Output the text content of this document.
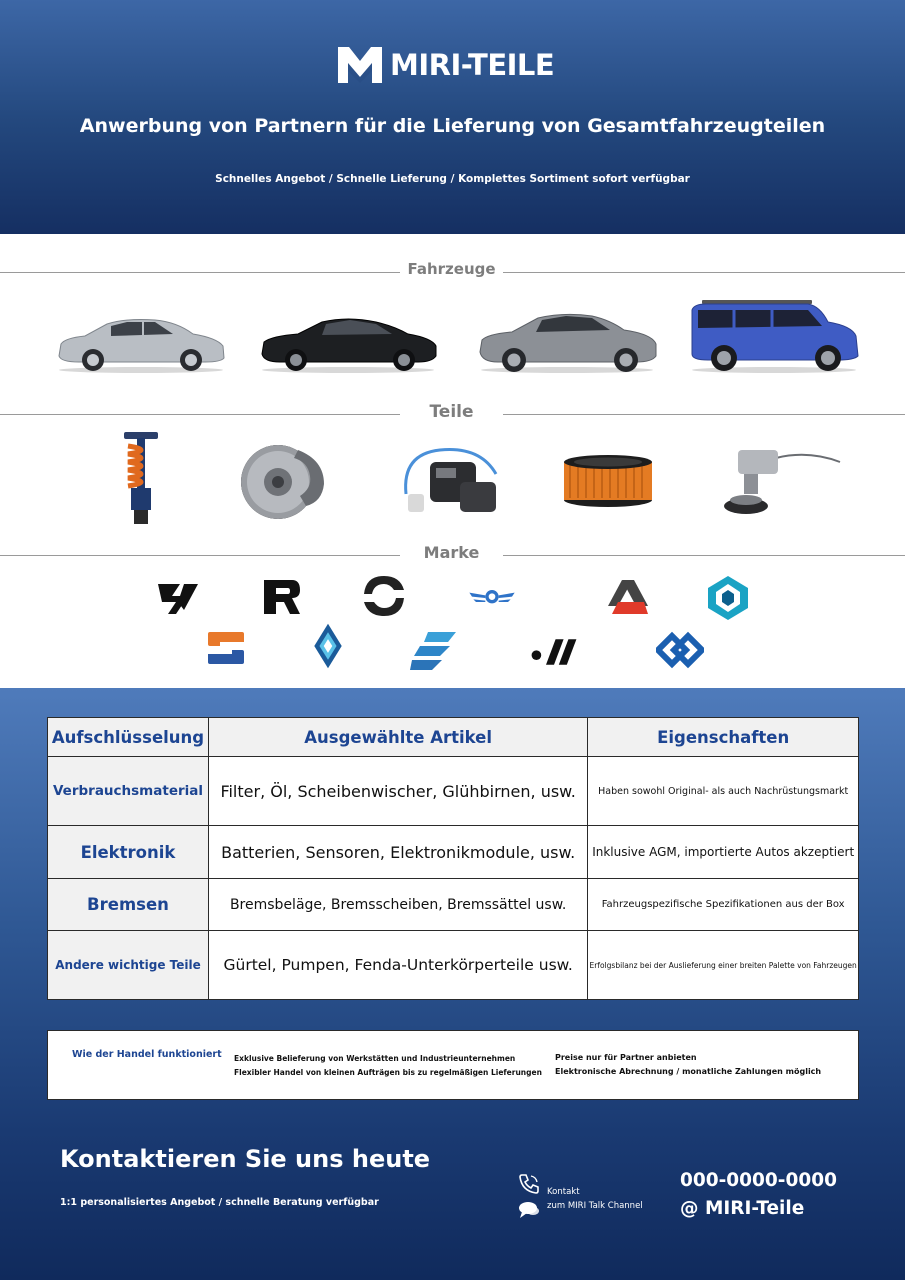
MIRI-TEILE
Anwerbung von Partnern für die Lieferung von Gesamtfahrzeugteilen
Schnelles Angebot / Schnelle Lieferung / Komplettes Sortiment sofort verfügbar
Fahrzeuge
Teile
Marke
Aufschlüsselung	Ausgewählte Artikel	Eigenschaften
Verbrauchsmaterial	Filter, Öl, Scheibenwischer, Glühbirnen, usw.	Haben sowohl Original- als auch Nachrüstungsmarkt
Elektronik	Batterien, Sensoren, Elektronikmodule, usw.	Inklusive AGM, importierte Autos akzeptiert
Bremsen	Bremsbeläge, Bremsscheiben, Bremssättel usw.	Fahrzeugspezifische Spezifikationen aus der Box
Andere wichtige Teile	Gürtel, Pumpen, Fenda-Unterkörperteile usw.	Erfolgsbilanz bei der Auslieferung einer breiten Palette von Fahrzeugen
Wie der Handel funktioniert Exklusive Belieferung von Werkstätten und Industrieunternehmen
Flexibler Handel von kleinen Aufträgen bis zu regelmäßigen Lieferungen
Preise nur für Partner anbieten
Elektronische Abrechnung / monatliche Zahlungen möglich
Kontaktieren Sie uns heute
1:1 personalisiertes Angebot / schnelle Beratung verfügbar

Kontakt
zum MIRI Talk Channel
000-0000-0000
@ MIRI-Teile
